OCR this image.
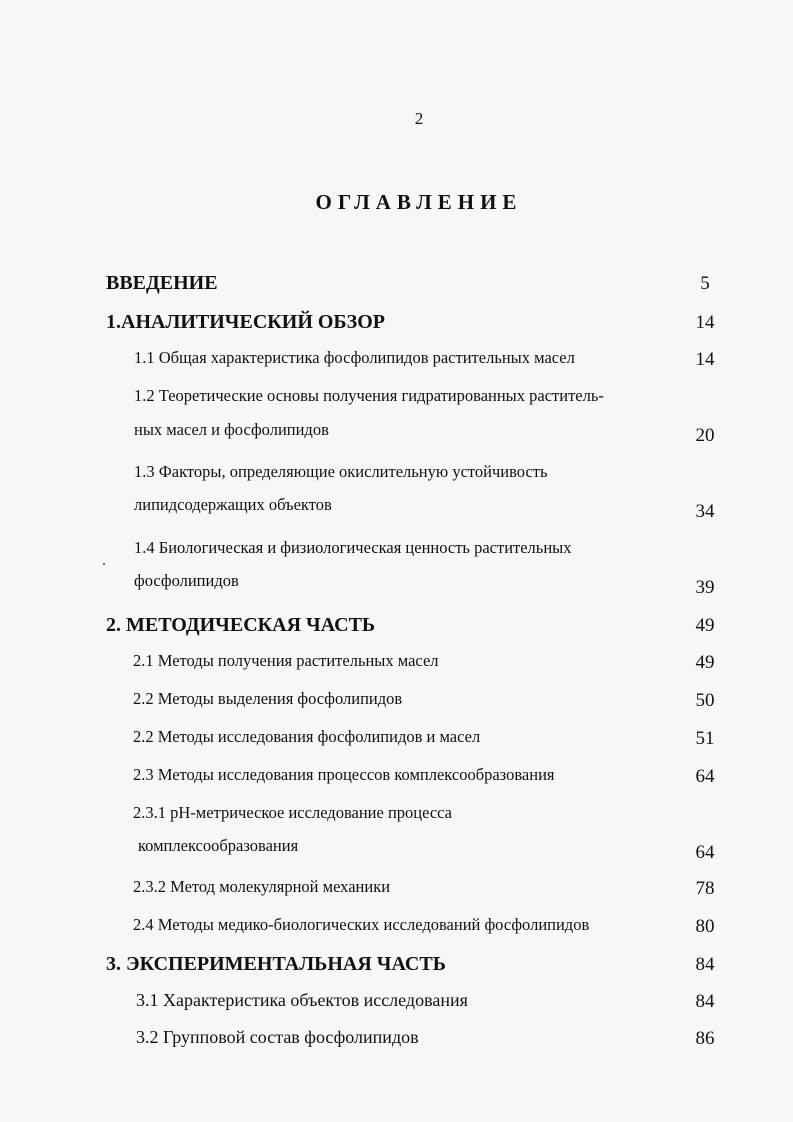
2
ОГЛАВЛЕНИЕ
ВВЕДЕНИЕ	5
1.АНАЛИТИЧЕСКИЙ ОБЗОР	14
1.1 Общая характеристика фосфолипидов растительных масел	14
1.2 Теоретические основы получения гидратированных раститель-
ных масел и фосфолипидов	20
1.3 Факторы, определяющие окислительную устойчивость
липидсодержащих объектов	34
1.4 Биологическая и физиологическая ценность растительных
фосфолипидов	39
2. МЕТОДИЧЕСКАЯ ЧАСТЬ	49
2.1 Методы получения растительных масел	49
2.2 Методы выделения фосфолипидов	50
2.2 Методы исследования фосфолипидов и масел	51
2.3 Методы исследования процессов комплексообразования	64
2.3.1 рН-метрическое исследование процесса
комплексообразования	64
2.3.2 Метод молекулярной механики	78
2.4 Методы медико-биологических исследований фосфолипидов	80
3. ЭКСПЕРИМЕНТАЛЬНАЯ ЧАСТЬ	84
3.1 Характеристика объектов исследования	84
3.2 Групповой состав фосфолипидов	86
